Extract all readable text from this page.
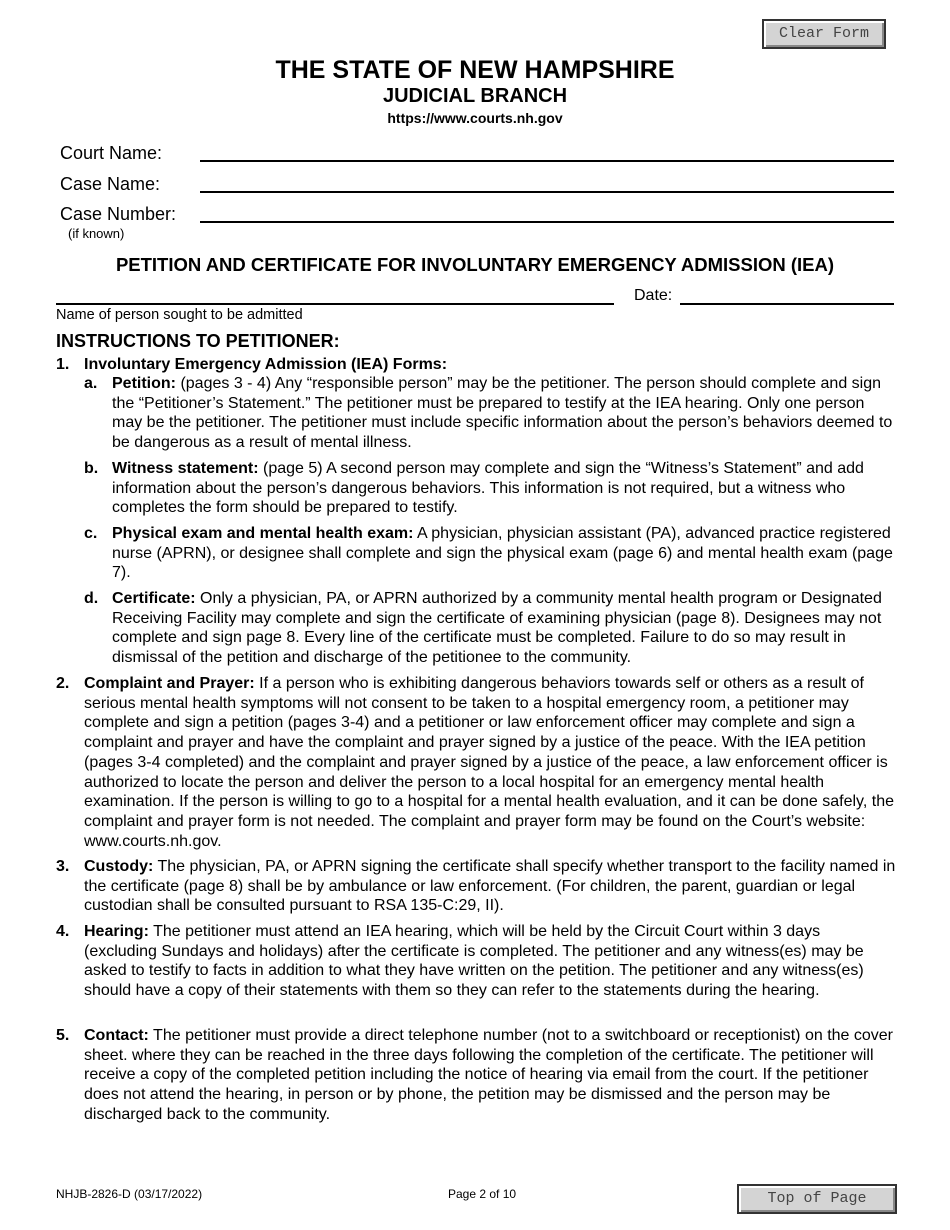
Clear Form
THE STATE OF NEW HAMPSHIRE
JUDICIAL BRANCH
https://www.courts.nh.gov
Court Name:
Case Name:
Case Number:
(if known)
PETITION AND CERTIFICATE FOR INVOLUNTARY EMERGENCY ADMISSION (IEA)
Name of person sought to be admitted
Date:
INSTRUCTIONS TO PETITIONER:
1. Involuntary Emergency Admission (IEA) Forms:
a. Petition: (pages 3 - 4) Any “responsible person” may be the petitioner. The person should complete and sign the “Petitioner’s Statement.” The petitioner must be prepared to testify at the IEA hearing. Only one person may be the petitioner. The petitioner must include specific information about the person’s behaviors deemed to be dangerous as a result of mental illness.
b. Witness statement: (page 5) A second person may complete and sign the “Witness’s Statement” and add information about the person’s dangerous behaviors. This information is not required, but a witness who completes the form should be prepared to testify.
c. Physical exam and mental health exam: A physician, physician assistant (PA), advanced practice registered nurse (APRN), or designee shall complete and sign the physical exam (page 6) and mental health exam (page 7).
d. Certificate: Only a physician, PA, or APRN authorized by a community mental health program or Designated Receiving Facility may complete and sign the certificate of examining physician (page 8). Designees may not complete and sign page 8. Every line of the certificate must be completed. Failure to do so may result in dismissal of the petition and discharge of the petitionee to the community.
2. Complaint and Prayer: If a person who is exhibiting dangerous behaviors towards self or others as a result of serious mental health symptoms will not consent to be taken to a hospital emergency room, a petitioner may complete and sign a petition (pages 3-4) and a petitioner or law enforcement officer may complete and sign a complaint and prayer and have the complaint and prayer signed by a justice of the peace. With the IEA petition (pages 3-4 completed) and the complaint and prayer signed by a justice of the peace, a law enforcement officer is authorized to locate the person and deliver the person to a local hospital for an emergency mental health examination. If the person is willing to go to a hospital for a mental health evaluation, and it can be done safely, the complaint and prayer form is not needed. The complaint and prayer form may be found on the Court’s website: www.courts.nh.gov.
3. Custody: The physician, PA, or APRN signing the certificate shall specify whether transport to the facility named in the certificate (page 8) shall be by ambulance or law enforcement. (For children, the parent, guardian or legal custodian shall be consulted pursuant to RSA 135-C:29, II).
4. Hearing: The petitioner must attend an IEA hearing, which will be held by the Circuit Court within 3 days (excluding Sundays and holidays) after the certificate is completed. The petitioner and any witness(es) may be asked to testify to facts in addition to what they have written on the petition. The petitioner and any witness(es) should have a copy of their statements with them so they can refer to the statements during the hearing.
5. Contact: The petitioner must provide a direct telephone number (not to a switchboard or receptionist) on the cover sheet. where they can be reached in the three days following the completion of the certificate. The petitioner will receive a copy of the completed petition including the notice of hearing via email from the court. If the petitioner does not attend the hearing, in person or by phone, the petition may be dismissed and the person may be discharged back to the community.
NHJB-2826-D (03/17/2022)	Page 2 of 10	Top of Page
